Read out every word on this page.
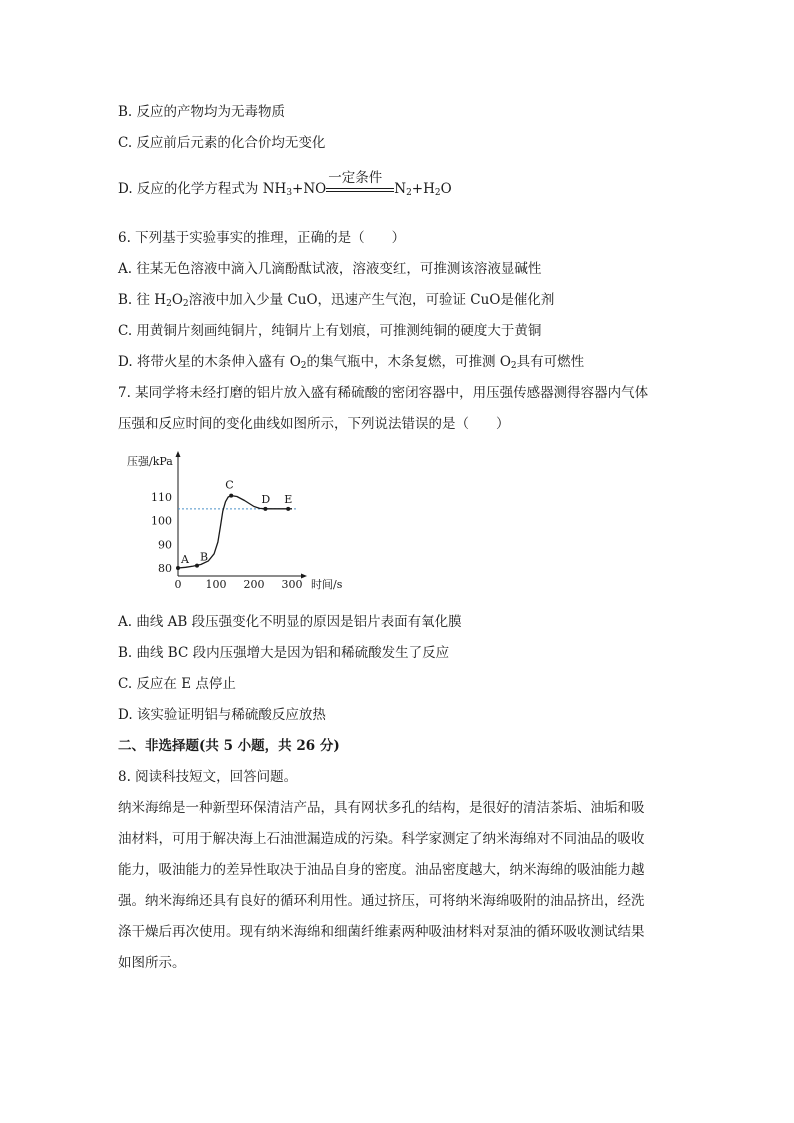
B. 反应的产物均为无毒物质
C. 反应前后元素的化合价均无变化
D. 反应的化学方程式为 $NH_3+NO$
一定条件
$N_2+H_2O$
6. 下列基于实验事实的推理，正确的是（　　）
A. 往某无色溶液中滴入几滴酚酞试液，溶液变红，可推测该溶液显碱性
B. 往 $H_2O_2$溶液中加入少量 CuO，迅速产生气泡，可验证 CuO是催化剂
C. 用黄铜片刻画纯铜片，纯铜片上有划痕，可推测纯铜的硬度大于黄铜
D. 将带火星的木条伸入盛有 $O_2$的集气瓶中，木条复燃，可推测 $O_2$具有可燃性
7. 某同学将未经打磨的铝片放入盛有稀硫酸的密闭容器中，用压强传感器测得容器内气体
压强和反应时间的变化曲线如图所示，下列说法错误的是（　　）
压强/kPa
时间/s
0 100 200 300
80
90
100
110
A B
C
D E
A. 曲线 AB 段压强变化不明显的原因是铝片表面有氧化膜
B. 曲线 BC 段内压强增大是因为铝和稀硫酸发生了反应
C. 反应在 E 点停止
D. 该实验证明铝与稀硫酸反应放热
二、非选择题(共 5 小题，共 26 分)
8. 阅读科技短文，回答问题。
纳米海绵是一种新型环保清洁产品，具有网状多孔的结构，是很好的清洁茶垢、油垢和吸
油材料，可用于解决海上石油泄漏造成的污染。科学家测定了纳米海绵对不同油品的吸收
能力，吸油能力的差异性取决于油品自身的密度。油品密度越大，纳米海绵的吸油能力越
强。纳米海绵还具有良好的循环利用性。通过挤压，可将纳米海绵吸附的油品挤出，经洗
涤干燥后再次使用。现有纳米海绵和细菌纤维素两种吸油材料对泵油的循环吸收测试结果
如图所示。
